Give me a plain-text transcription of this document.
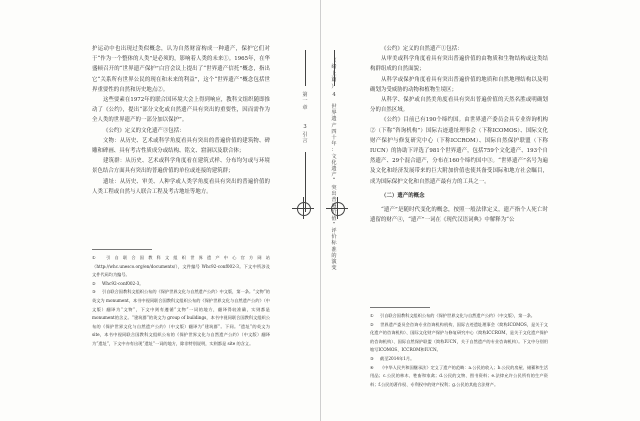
护运动中也出现过类似概念，认为自然财富构成一种遗产，保护它们对于“作为一个整体的人类”是必须的，影响着人类的未来①。1965年，在华盛顿召开的“世界遗产保护”白宫会议上提出了“世界遗产信托”概念，指出它“关系所有世界公民的现在和未来的利益”，这个“世界遗产”概念包括世界重要性的自然和历史地点②。

这些要素在1972年的联合国环境大会上得到响应，教科文组织随即推动了《公约》，提出“部分文化或自然遗产具有突出的重要性，因而需作为全人类的世界遗产的一部分加以保护”。

《公约》定义的文化遗产③包括：

文物：从历史、艺术或科学角度看具有突出的普遍价值的建筑物、碑雕和碑画、具有考古性质成分或结构、铭文、窟洞以及联合体；

建筑群：从历史、艺术或科学角度看在建筑式样、分布均匀或与环境景色结合方面具有突出的普遍价值的单位或连接的建筑群；

遗址：从历史、审美、人种学或人类学角度看具有突出的普遍价值的人类工程或自然与人联合工程及考古地址等地方。

① 引自联合国教科文组织世界遗产中心官方网站（http://whc.unesco.org/en/documents/），文件编号 Whc92-conf002-3。下文中所涉及文件代码均为编号。

② Whc92-conf002-3。

③ 引自联合国教科文组织公布的《保护世界文化与自然遗产公约》中文版，第一条。“文物”的英文为 monument，本书中视同联合国教科文组织公布的《保护世界文化与自然遗产公约》（中文版）翻译为“文物”，下文中则有遵循“文物”一词的地方，翻译得较准确，实则都是 monument的含义。“建筑群”的英文为 group of buildings，本书中视同联合国教科文组织公布的《保护世界文化与自然遗产公约》（中文版）翻译为“建筑群”。下同。“遗址”的英文为 site，本书中视同联合国教科文组织公布的《保护世界文化与自然遗产公约》（中文版）翻译为“遗址”，下文中亦有出现“遗址”一词的地方，除非特别说明，实则都是 site 的含义。

第
一
章
3
引
言

《公约》定义的自然遗产①包括：

从审美或科学角度看具有突出普遍价值的由物质和生物结构或这类结构群组成的自然面貌；

从科学或保护角度看具有突出普遍价值的地质和自然地理结构以及明确划为受威胁的动物和植物生境区；

从科学、保护或自然美角度看具有突出普遍价值的天然名胜或明确划分的自然区域。

《公约》目前已有190个缔约国。由世界遗产委员会具专业咨询机构②（下称“咨询机构”）国际古迹遗址理事会（下称ICOMOS）、国际文化财产保护与修复研究中心（下称ICCROM）、国际自然保护联盟（下称IUCN）的协助下评选了981个世界遗产，包括759个文化遗产、193个自然遗产、29个混合遗产，分布在160个缔约国中③。“世界遗产”名号为遍及文化和经济发展带来的巨大附加价值也使其备受国际和地方社会瞩目，成为国际保护文化和自然遗产最有力的工具之一。

（二）遗产的概念

“遗产”是随时代变化的概念，按照一般法律定义，遗产指个人死亡时遗留的财产④，“遗产”一词在《现代汉语词典》中解释为“公

① 引自联合国教科文组织公布的《保护世界文化与自然遗产公约》（中文版），第一条。

② 世界遗产委员会咨询专业咨询机构机构，国际古迹遗址理事会（简称ICOMOS，是关于文化遗产的咨询机构）、国际文化财产保护与修复研究中心（简称ICCROM，是关于文化遗产保护的咨询机构）、国际自然保护联盟（简称IUCN，关于自然遗产的专业咨询机构）。下文中分别用缩写ICOMOS、ICCROM和IUCN。

③ 截至2014年1月。

④ 《中华人民共和国继承法》定义了遗产的范畴：a.公民的收入；b.公民的房屋、储蓄和生活用品；c.公民的林木、牲畜和家禽；d.公民的文物、图书资料；e.法律允许公民所有的生产资料；f.公民的著作权、专利权中的财产权利；g.公民的其他合法财产。

（
绪
上
篇
）
4
世
界
遗
产
四
十
年
：
文
化
遗
产
“
突
出
普
遍
价
值
”
评
价
标
准
的
演
变
